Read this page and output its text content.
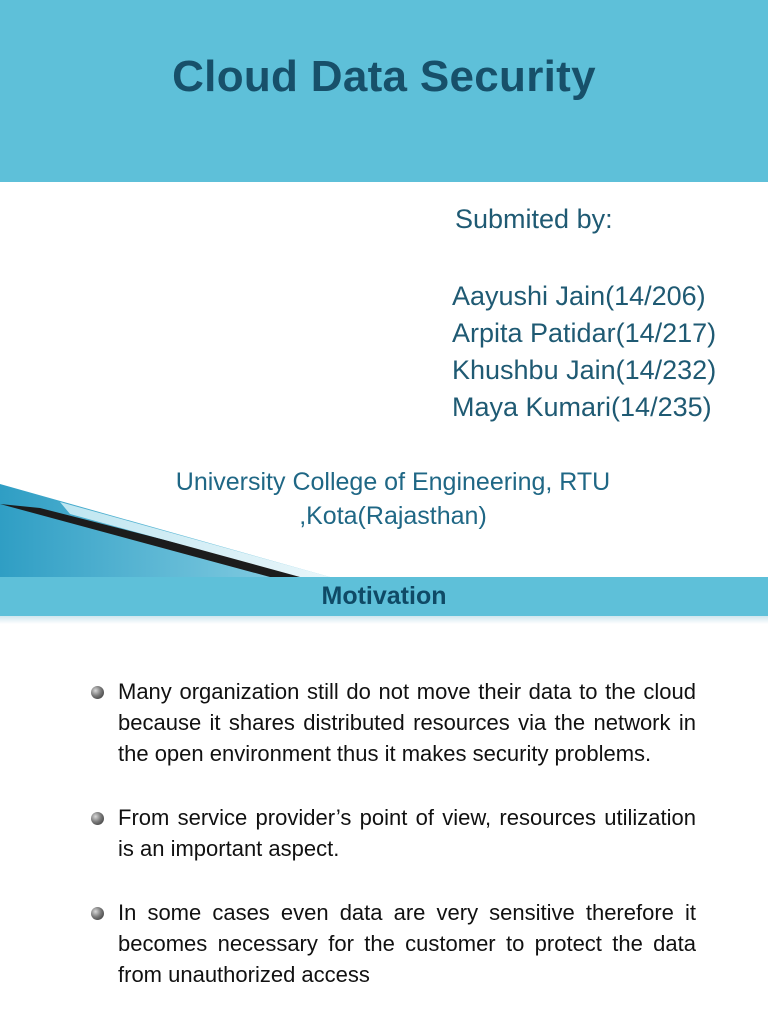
Cloud Data Security
Submited by:
Aayushi Jain(14/206)
Arpita Patidar(14/217)
Khushbu Jain(14/232)
Maya Kumari(14/235)
University College of Engineering, RTU
,Kota(Rajasthan)
Motivation
Many organization still do not move their data to the cloud because it shares distributed resources via the network in the open environment thus it makes security problems.
From service provider’s point of view, resources utilization is an important aspect.
In some cases even data are very sensitive therefore it becomes necessary for the customer to protect the data from unauthorized access
